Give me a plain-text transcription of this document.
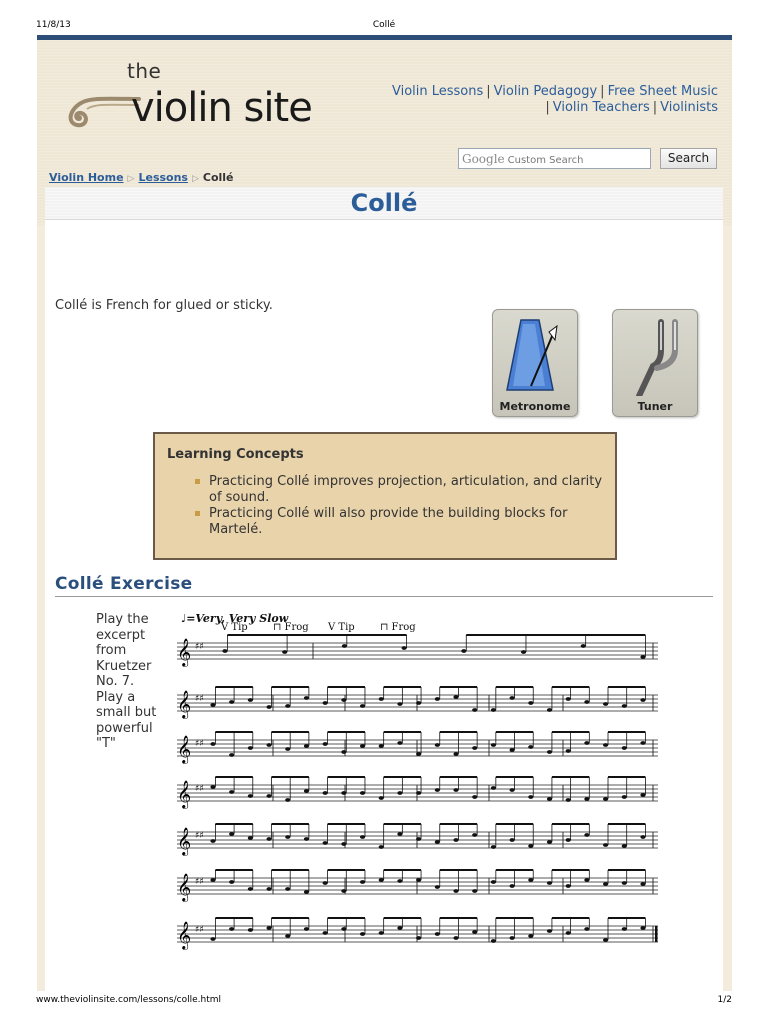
11/8/13	Collé
the
violin site	Violin Lessons | Violin Pedagogy | Free Sheet Music
| Violin Teachers | Violinists
Google Custom Search	Search
Violin Home ▷ Lessons ▷ Collé
Collé

Collé is French for glued or sticky.

Metronome	Tuner
Learning Concepts
Practicing Collé improves projection, articulation, and clarity of sound.
Practicing Collé will also provide the building blocks for Martelé.
Collé Exercise

Play the excerpt from Kruetzer No. 7. Play a small but powerful "T"

♩=Very, Very Slow
V Tip	⊓ Frog V Tip	⊓ Frog
𝄞 ♯♯
𝄞 ♯♯
𝄞 ♯♯
𝄞 ♯♯
𝄞 ♯♯
𝄞 ♯♯
𝄞 ♯♯
www.theviolinsite.com/lessons/colle.html	1/2
